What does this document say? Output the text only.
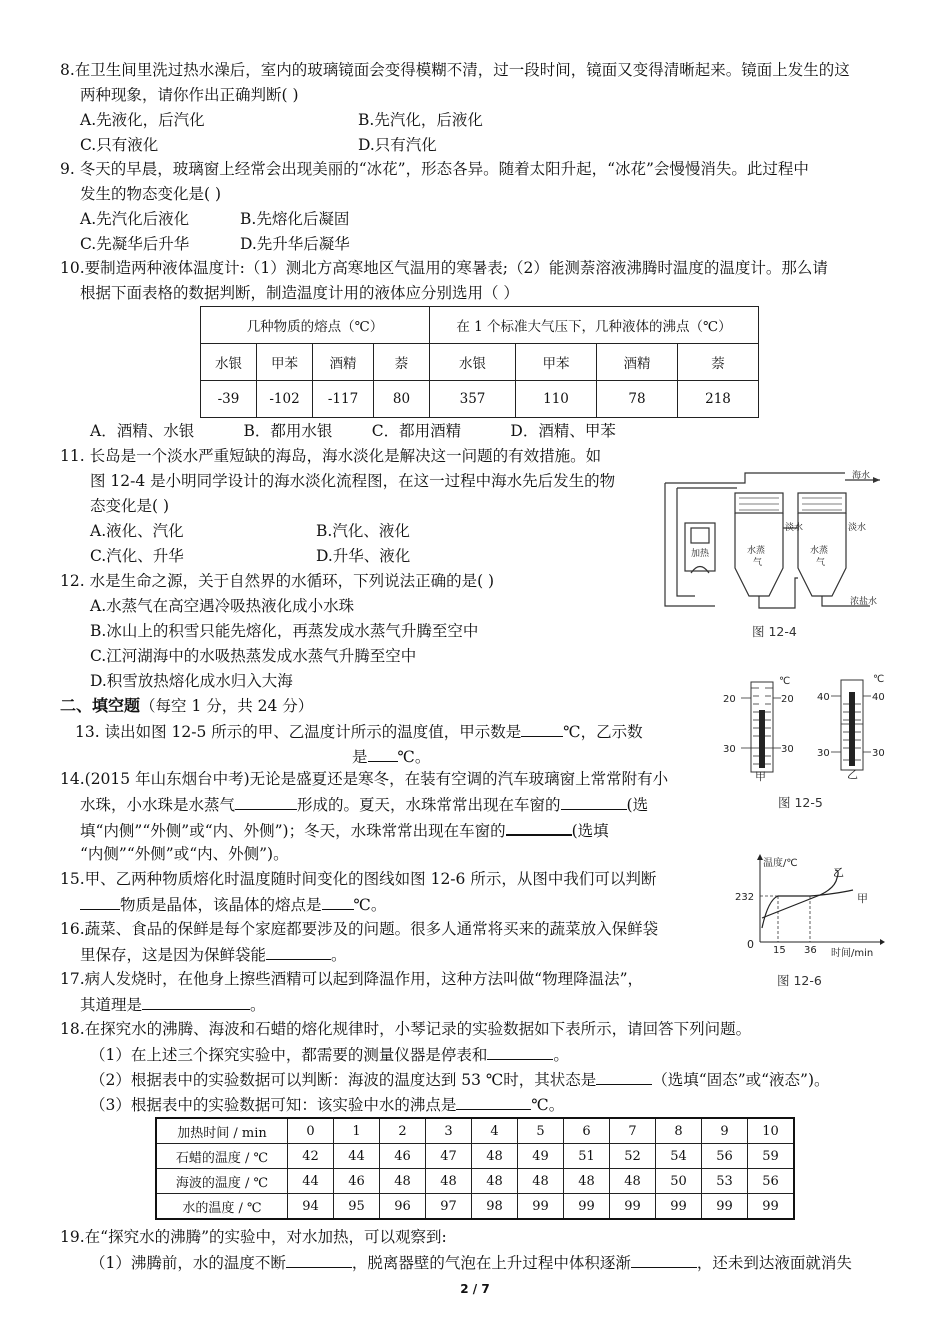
8.在卫生间里洗过热水澡后，室内的玻璃镜面会变得模糊不清，过一段时间，镜面又变得清晰起来。镜面上发生的这
两种现象，请你作出正确判断( )
A.先液化，后汽化	B.先汽化，后液化
C.只有液化	D.只有汽化
9. 冬天的早晨，玻璃窗上经常会出现美丽的“冰花”，形态各异。随着太阳升起，“冰花”会慢慢消失。此过程中
发生的物态变化是( )
A.先汽化后液化	B.先熔化后凝固
C.先凝华后升华	D.先升华后凝华
10.要制造两种液体温度计:（1）测北方高寒地区气温用的寒暑表;（2）能测萘溶液沸腾时温度的温度计。那么请
根据下面表格的数据判断，制造温度计用的液体应分别选用（ ）
几种物质的熔点（℃）				在 1 个标准大气压下，几种液体的沸点（℃）			
水银	甲苯	酒精	萘	水银	甲苯	酒精	萘
-39	-102	-117	80	357	110	78	218
A．酒精、水银          B．都用水银        C．都用酒精          D．酒精、甲苯
11. 长岛是一个淡水严重短缺的海岛，海水淡化是解决这一问题的有效措施。如
图 12-4 是小明同学设计的海水淡化流程图，在这一过程中海水先后发生的物
态变化是( )
A.液化、汽化	B.汽化、液化
C.汽化、升华	D.升华、液化
海水
淡水	淡水
加热	水蒸
气
水蒸
气
浓盐水
图 12-4
12. 水是生命之源，关于自然界的水循环，下列说法正确的是( )
A.水蒸气在高空遇冷吸热液化成小水珠
B.冰山上的积雪只能先熔化，再蒸发成水蒸气升腾至空中
C.江河湖海中的水吸热蒸发成水蒸气升腾至空中
D.积雪放热熔化成水归入大海
二、填空题（每空 1 分，共 24 分）
13. 读出如图 12-5 所示的甲、乙温度计所示的温度值，甲示数是	℃，乙示数
是 ℃。
℃
20	20
30	30
甲
℃
40	40
30	30
乙
图 12-5
14.(2015 年山东烟台中考)无论是盛夏还是寒冬，在装有空调的汽车玻璃窗上常常附有小
水珠，小水珠是水蒸气	形成的。夏天，水珠常常出现在车窗的	(选
填“内侧”“外侧”或“内、外侧”)；冬天，水珠常常出现在车窗的	(选填
“内侧”“外侧”或“内、外侧”)。
15.甲、乙两种物质熔化时温度随时间变化的图线如图 12-6 所示，从图中我们可以判断
物质是晶体，该晶体的熔点是 ℃。
温度/℃
232
0 15 36 时间/min
乙
甲
图 12-6
16.蔬菜、食品的保鲜是每个家庭都要涉及的问题。很多人通常将买来的蔬菜放入保鲜袋
里保存，这是因为保鲜袋能	。
17.病人发烧时，在他身上擦些酒精可以起到降温作用，这种方法叫做“物理降温法”，
其道理是	。
18.在探究水的沸腾、海波和石蜡的熔化规律时，小琴记录的实验数据如下表所示，请回答下列问题。
（1）在上述三个探究实验中，都需要的测量仪器是停表和	。
（2）根据表中的实验数据可以判断：海波的温度达到 53 ℃时，其状态是	（选填“固态”或“液态”)。
（3）根据表中的实验数据可知：该实验中水的沸点是	℃。
加热时间 / min	0	1	2	3	4	5	6	7	8	9	10
石蜡的温度 / ℃	42	44	46	47	48	49	51	52	54	56	59
海波的温度 / ℃	44	46	48	48	48	48	48	48	50	53	56
水的温度 / ℃	94	95	96	97	98	99	99	99	99	99	99
19.在“探究水的沸腾”的实验中，对水加热，可以观察到:
（1）沸腾前，水的温度不断	，脱离器壁的气泡在上升过程中体积逐渐	，还未到达液面就消失
2 / 7
